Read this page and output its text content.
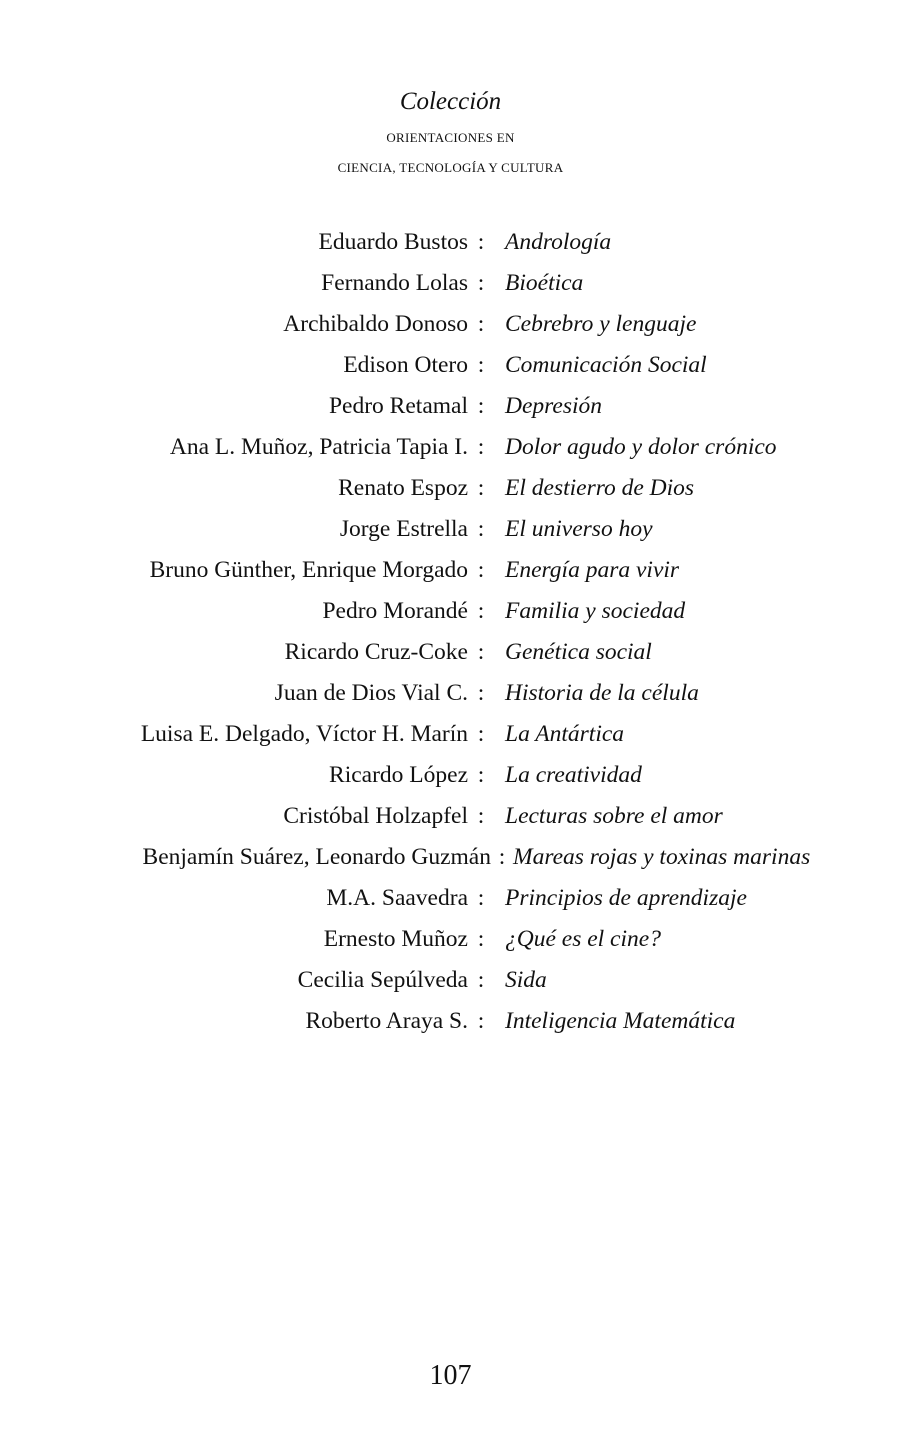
Colección
ORIENTACIONES EN
CIENCIA, TECNOLOGÍA Y CULTURA
Eduardo Bustos : Andrología
Fernando Lolas : Bioética
Archibaldo Donoso : Cebrebro y lenguaje
Edison Otero : Comunicación Social
Pedro Retamal : Depresión
Ana L. Muñoz, Patricia Tapia I. : Dolor agudo y dolor crónico
Renato Espoz : El destierro de Dios
Jorge Estrella : El universo hoy
Bruno Günther, Enrique Morgado : Energía para vivir
Pedro Morandé : Familia y sociedad
Ricardo Cruz-Coke : Genética social
Juan de Dios Vial C. : Historia de la célula
Luisa E. Delgado, Víctor H. Marín : La Antártica
Ricardo López : La creatividad
Cristóbal Holzapfel : Lecturas sobre el amor
Benjamín Suárez, Leonardo Guzmán : Mareas rojas y toxinas marinas
M.A. Saavedra : Principios de aprendizaje
Ernesto Muñoz : ¿Qué es el cine?
Cecilia Sepúlveda : Sida
Roberto Araya S. : Inteligencia Matemática
107
